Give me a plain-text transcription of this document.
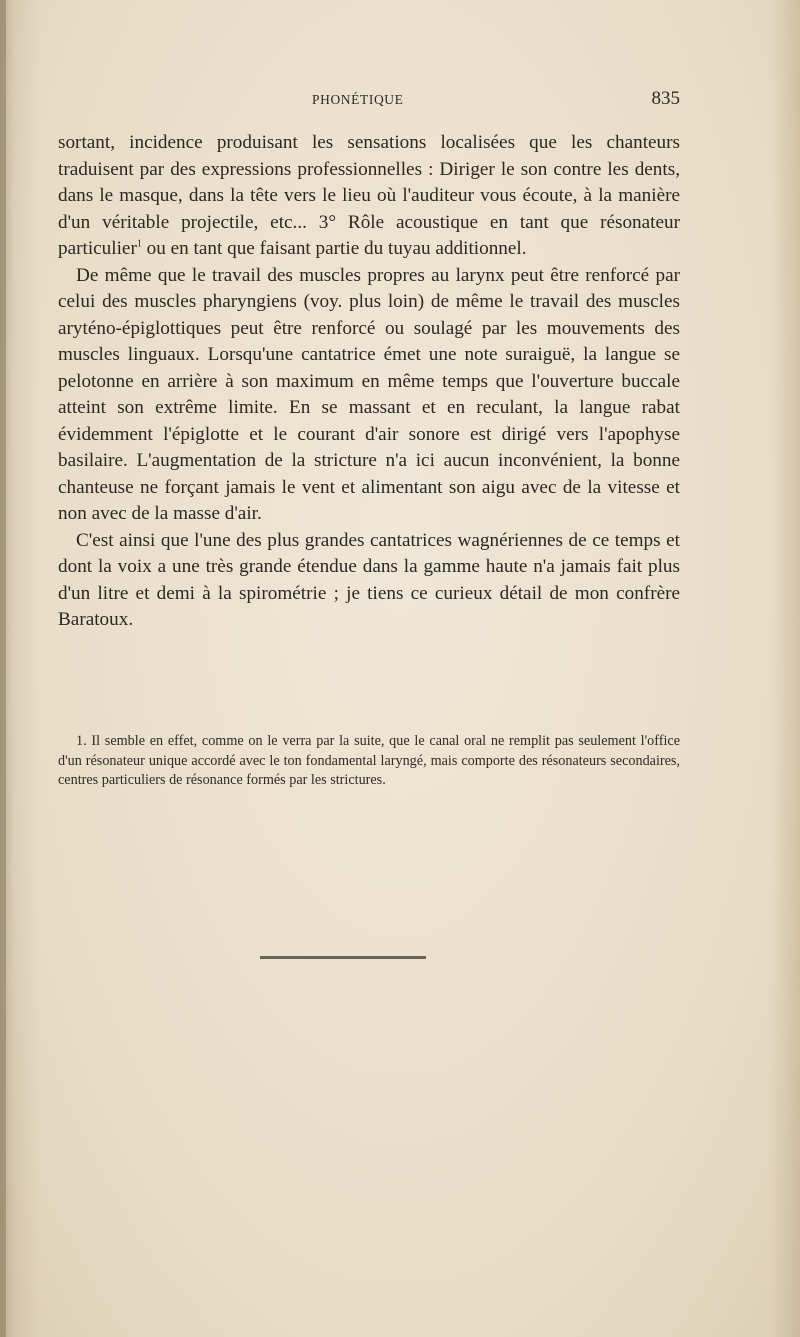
PHONÉTIQUE	835

sortant, incidence produisant les sensations localisées que les chanteurs traduisent par des expressions professionnelles : Diriger le son contre les dents, dans le masque, dans la tête vers le lieu où l'auditeur vous écoute, à la manière d'un véritable projectile, etc... 3° Rôle acoustique en tant que résonateur particulier$^1$ ou en tant que faisant partie du tuyau additionnel.

De même que le travail des muscles propres au larynx peut être renforcé par celui des muscles pharyngiens (voy. plus loin) de même le travail des muscles aryténo-épiglottiques peut être renforcé ou soulagé par les mouvements des muscles linguaux. Lorsqu'une cantatrice émet une note suraiguë, la langue se pelotonne en arrière à son maximum en même temps que l'ouverture buccale atteint son extrême limite. En se massant et en reculant, la langue rabat évidemment l'épiglotte et le courant d'air sonore est dirigé vers l'apophyse basilaire. L'augmentation de la stricture n'a ici aucun inconvénient, la bonne chanteuse ne forçant jamais le vent et alimentant son aigu avec de la vitesse et non avec de la masse d'air.

C'est ainsi que l'une des plus grandes cantatrices wagnériennes de ce temps et dont la voix a une très grande étendue dans la gamme haute n'a jamais fait plus d'un litre et demi à la spirométrie ; je tiens ce curieux détail de mon confrère Baratoux.

1. Il semble en effet, comme on le verra par la suite, que le canal oral ne remplit pas seulement l'office d'un résonateur unique accordé avec le ton fondamental laryngé, mais comporte des résonateurs secondaires, centres particuliers de résonance formés par les strictures.
